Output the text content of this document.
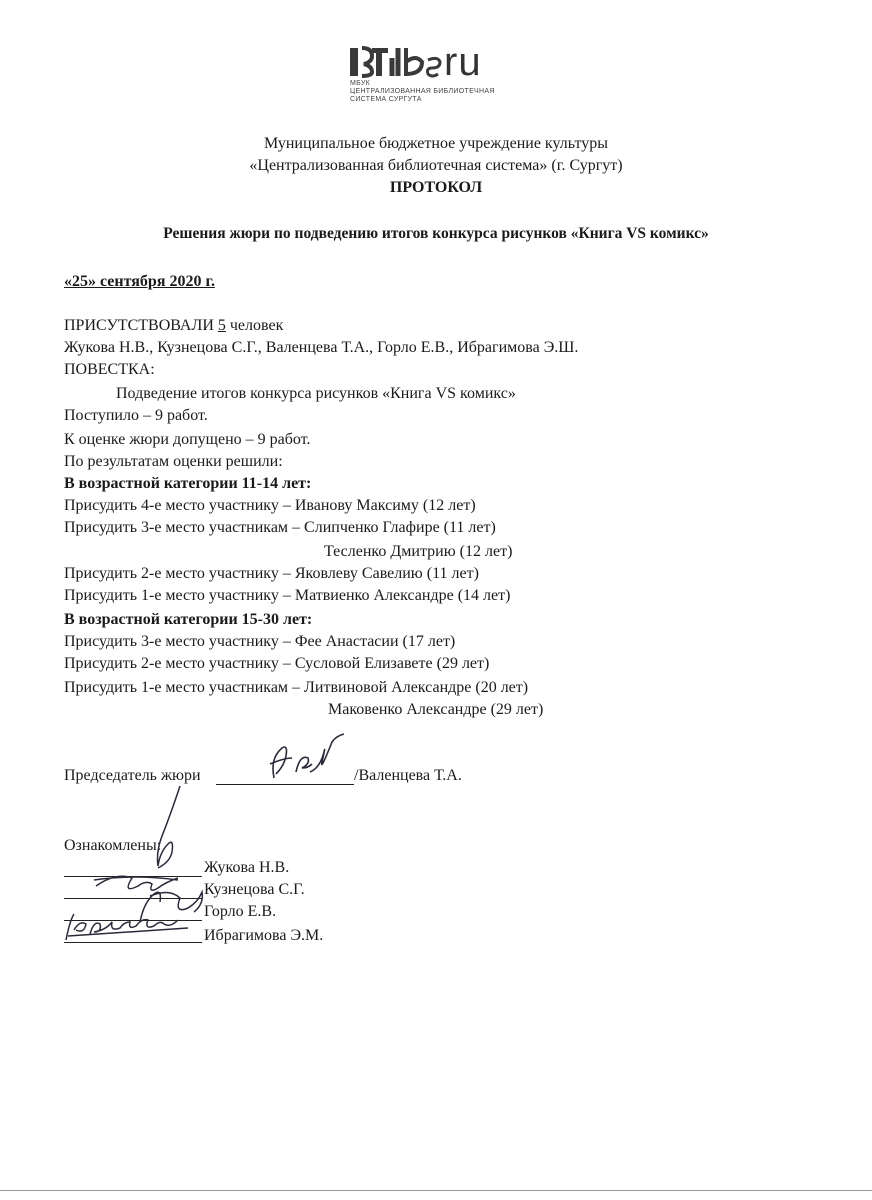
ru
МБУК
ЦЕНТРАЛИЗОВАННАЯ БИБЛИОТЕЧНАЯ
СИСТЕМА СУРГУТА
Муниципальное бюджетное учреждение культуры
«Централизованная библиотечная система» (г. Сургут)
ПРОТОКОЛ
Решения жюри по подведению итогов конкурса рисунков «Книга VS комикс»
«25» сентября 2020 г.
ПРИСУТСТВОВАЛИ 5 человек
Жукова Н.В., Кузнецова С.Г., Валенцева Т.А., Горло Е.В., Ибрагимова Э.Ш.
ПОВЕСТКА:
Подведение итогов конкурса рисунков «Книга VS комикс»
Поступило – 9 работ.
К оценке жюри допущено – 9 работ.
По результатам оценки решили:
В возрастной категории 11-14 лет:
Присудить 4-е место участнику – Иванову Максиму (12 лет)
Присудить 3-е место участникам – Слипченко Глафире (11 лет)
Тесленко Дмитрию (12 лет)
Присудить 2-е место участнику – Яковлеву Савелию (11 лет)
Присудить 1-е место участнику – Матвиенко Александре (14 лет)
В возрастной категории 15-30 лет:
Присудить 3-е место участнику – Фее Анастасии (17 лет)
Присудить 2-е место участнику – Сусловой Елизавете (29 лет)
Присудить 1-е место участникам – Литвиновой Александре (20 лет)
Маковенко Александре (29 лет)
Председатель жюри	/Валенцева Т.А.
Ознакомлены:
Жукова Н.В.
Кузнецова С.Г.
Горло Е.В.
Ибрагимова Э.М.
